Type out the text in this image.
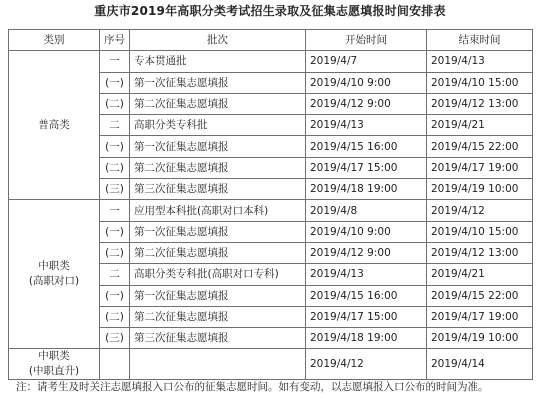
重庆市2019年高职分类考试招生录取及征集志愿填报时间安排表
类别	序号	批次	开始时间	结束时间

普高类	一	专本贯通批	2019/4/7	2019/4/13
	(一)	第一次征集志愿填报	2019/4/10 9:00	2019/4/10 15:00
	(二)	第二次征集志愿填报	2019/4/12 9:00	2019/4/12 13:00
	二	高职分类专科批	2019/4/13	2019/4/21
	(一)	第一次征集志愿填报	2019/4/15 16:00	2019/4/15 22:00
	(二)	第二次征集志愿填报	2019/4/17 15:00	2019/4/17 19:00
	(三)	第三次征集志愿填报	2019/4/18 19:00	2019/4/19 10:00

中职类
(高职对口)	一	应用型本科批(高职对口本科)	2019/4/8	2019/4/12
	(一)	第一次征集志愿填报	2019/4/10 9:00	2019/4/10 15:00
	(二)	第二次征集志愿填报	2019/4/12 9:00	2019/4/12 13:00
	二	高职分类专科批(高职对口专科)	2019/4/13	2019/4/21
	(一)	第一次征集志愿填报	2019/4/15 16:00	2019/4/15 22:00
	(二)	第二次征集志愿填报	2019/4/17 15:00	2019/4/17 19:00
	(三)	第三次征集志愿填报	2019/4/18 19:00	2019/4/19 10:00

中职类
(中职直升)			2019/4/12	2019/4/14
注：请考生及时关注志愿填报入口公布的征集志愿时间。如有变动，以志愿填报入口公布的时间为准。
